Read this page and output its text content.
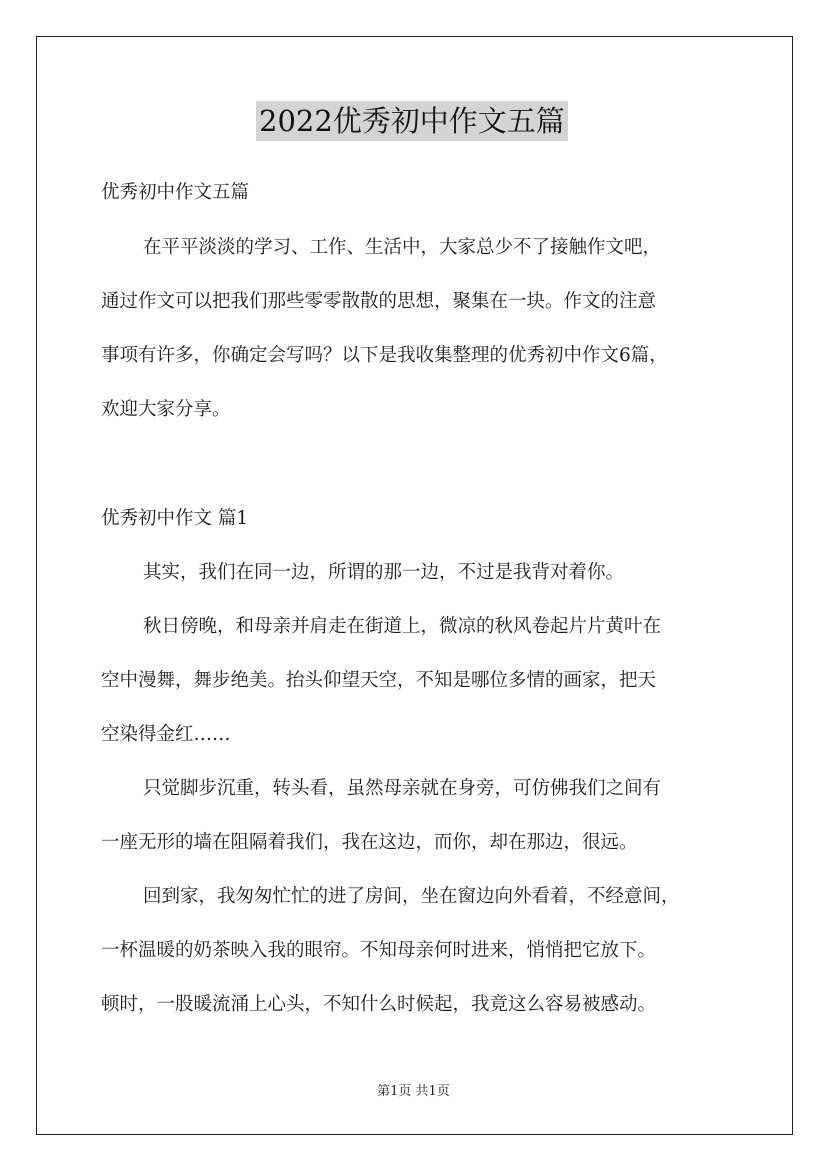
2022优秀初中作文五篇
优秀初中作文五篇
在平平淡淡的学习、工作、生活中，大家总少不了接触作文吧，
通过作文可以把我们那些零零散散的思想，聚集在一块。作文的注意
事项有许多，你确定会写吗？以下是我收集整理的优秀初中作文6篇，
欢迎大家分享。
优秀初中作文 篇1
其实，我们在同一边，所谓的那一边，不过是我背对着你。
秋日傍晚，和母亲并肩走在街道上，微凉的秋风卷起片片黄叶在
空中漫舞，舞步绝美。抬头仰望天空，不知是哪位多情的画家，把天
空染得金红……
只觉脚步沉重，转头看，虽然母亲就在身旁，可仿佛我们之间有
一座无形的墙在阻隔着我们，我在这边，而你，却在那边，很远。
回到家，我匆匆忙忙的进了房间，坐在窗边向外看着，不经意间，
一杯温暖的奶茶映入我的眼帘。不知母亲何时进来，悄悄把它放下。
顿时，一股暖流涌上心头，不知什么时候起，我竟这么容易被感动。
第1页 共1页
